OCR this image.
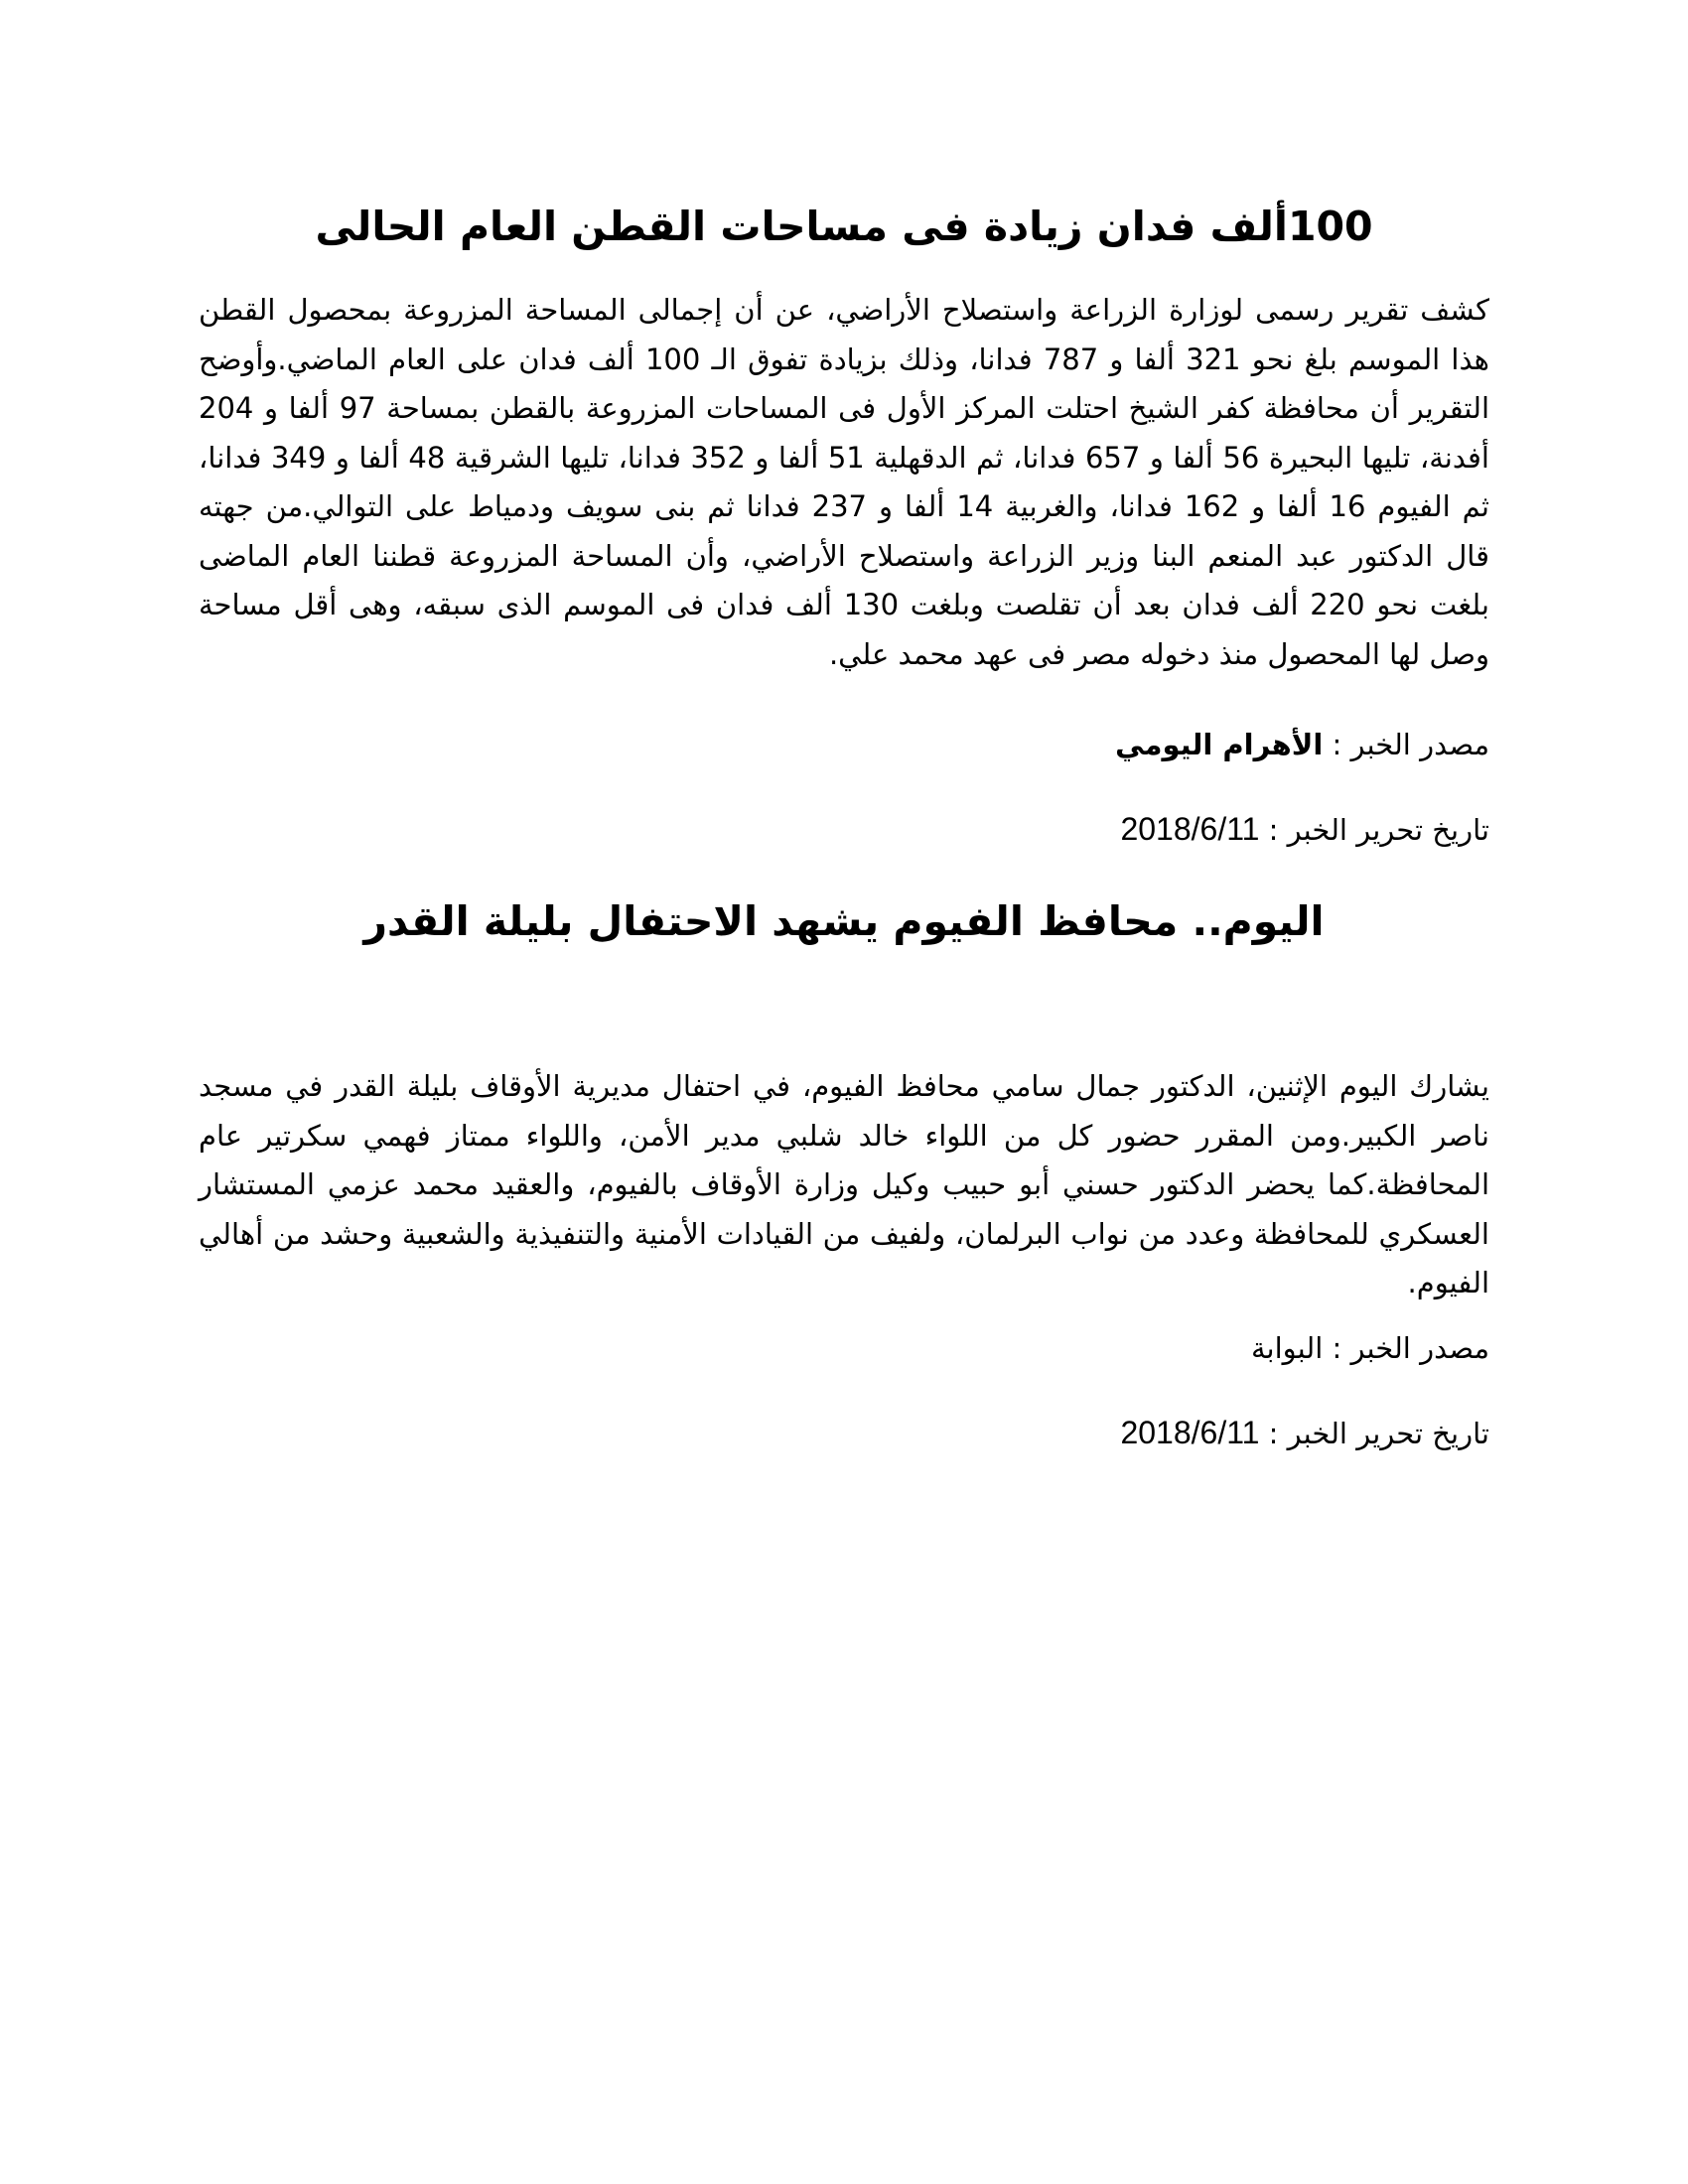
100ألف فدان زيادة فى مساحات القطن العام الحالى

كشف تقرير رسمى لوزارة الزراعة واستصلاح الأراضي، عن أن إجمالى المساحة المزروعة بمحصول القطن هذا الموسم بلغ نحو 321 ألفا و 787 فدانا، وذلك بزيادة تفوق الـ 100 ألف فدان على العام الماضي.وأوضح التقرير أن محافظة كفر الشيخ احتلت المركز الأول فى المساحات المزروعة بالقطن بمساحة 97 ألفا و 204 أفدنة، تليها البحيرة 56 ألفا و 657 فدانا، ثم الدقهلية 51 ألفا و 352 فدانا، تليها الشرقية 48 ألفا و 349 فدانا، ثم الفيوم 16 ألفا و 162 فدانا، والغربية 14 ألفا و 237 فدانا ثم بنى سويف ودمياط على التوالي.من جهته قال الدكتور عبد المنعم البنا وزير الزراعة واستصلاح الأراضي، وأن المساحة المزروعة قطننا العام الماضى بلغت نحو 220 ألف فدان بعد أن تقلصت وبلغت 130 ألف فدان فى الموسم الذى سبقه، وهى أقل مساحة وصل لها المحصول منذ دخوله مصر فى عهد محمد علي.

مصدر الخبر : الأهرام اليومي

تاريخ تحرير الخبر : 2018/6/11

اليوم.. محافظ الفيوم يشهد الاحتفال بليلة القدر

يشارك اليوم الإثنين، الدكتور جمال سامي محافظ الفيوم، في احتفال مديرية الأوقاف بليلة القدر في مسجد ناصر الكبير.ومن المقرر حضور كل من اللواء خالد شلبي مدير الأمن، واللواء ممتاز فهمي سكرتير عام المحافظة.كما يحضر الدكتور حسني أبو حبيب وكيل وزارة الأوقاف بالفيوم، والعقيد محمد عزمي المستشار العسكري للمحافظة وعدد من نواب البرلمان، ولفيف من القيادات الأمنية والتنفيذية والشعبية وحشد من أهالي الفيوم.

مصدر الخبر : البوابة

تاريخ تحرير الخبر : 2018/6/11
